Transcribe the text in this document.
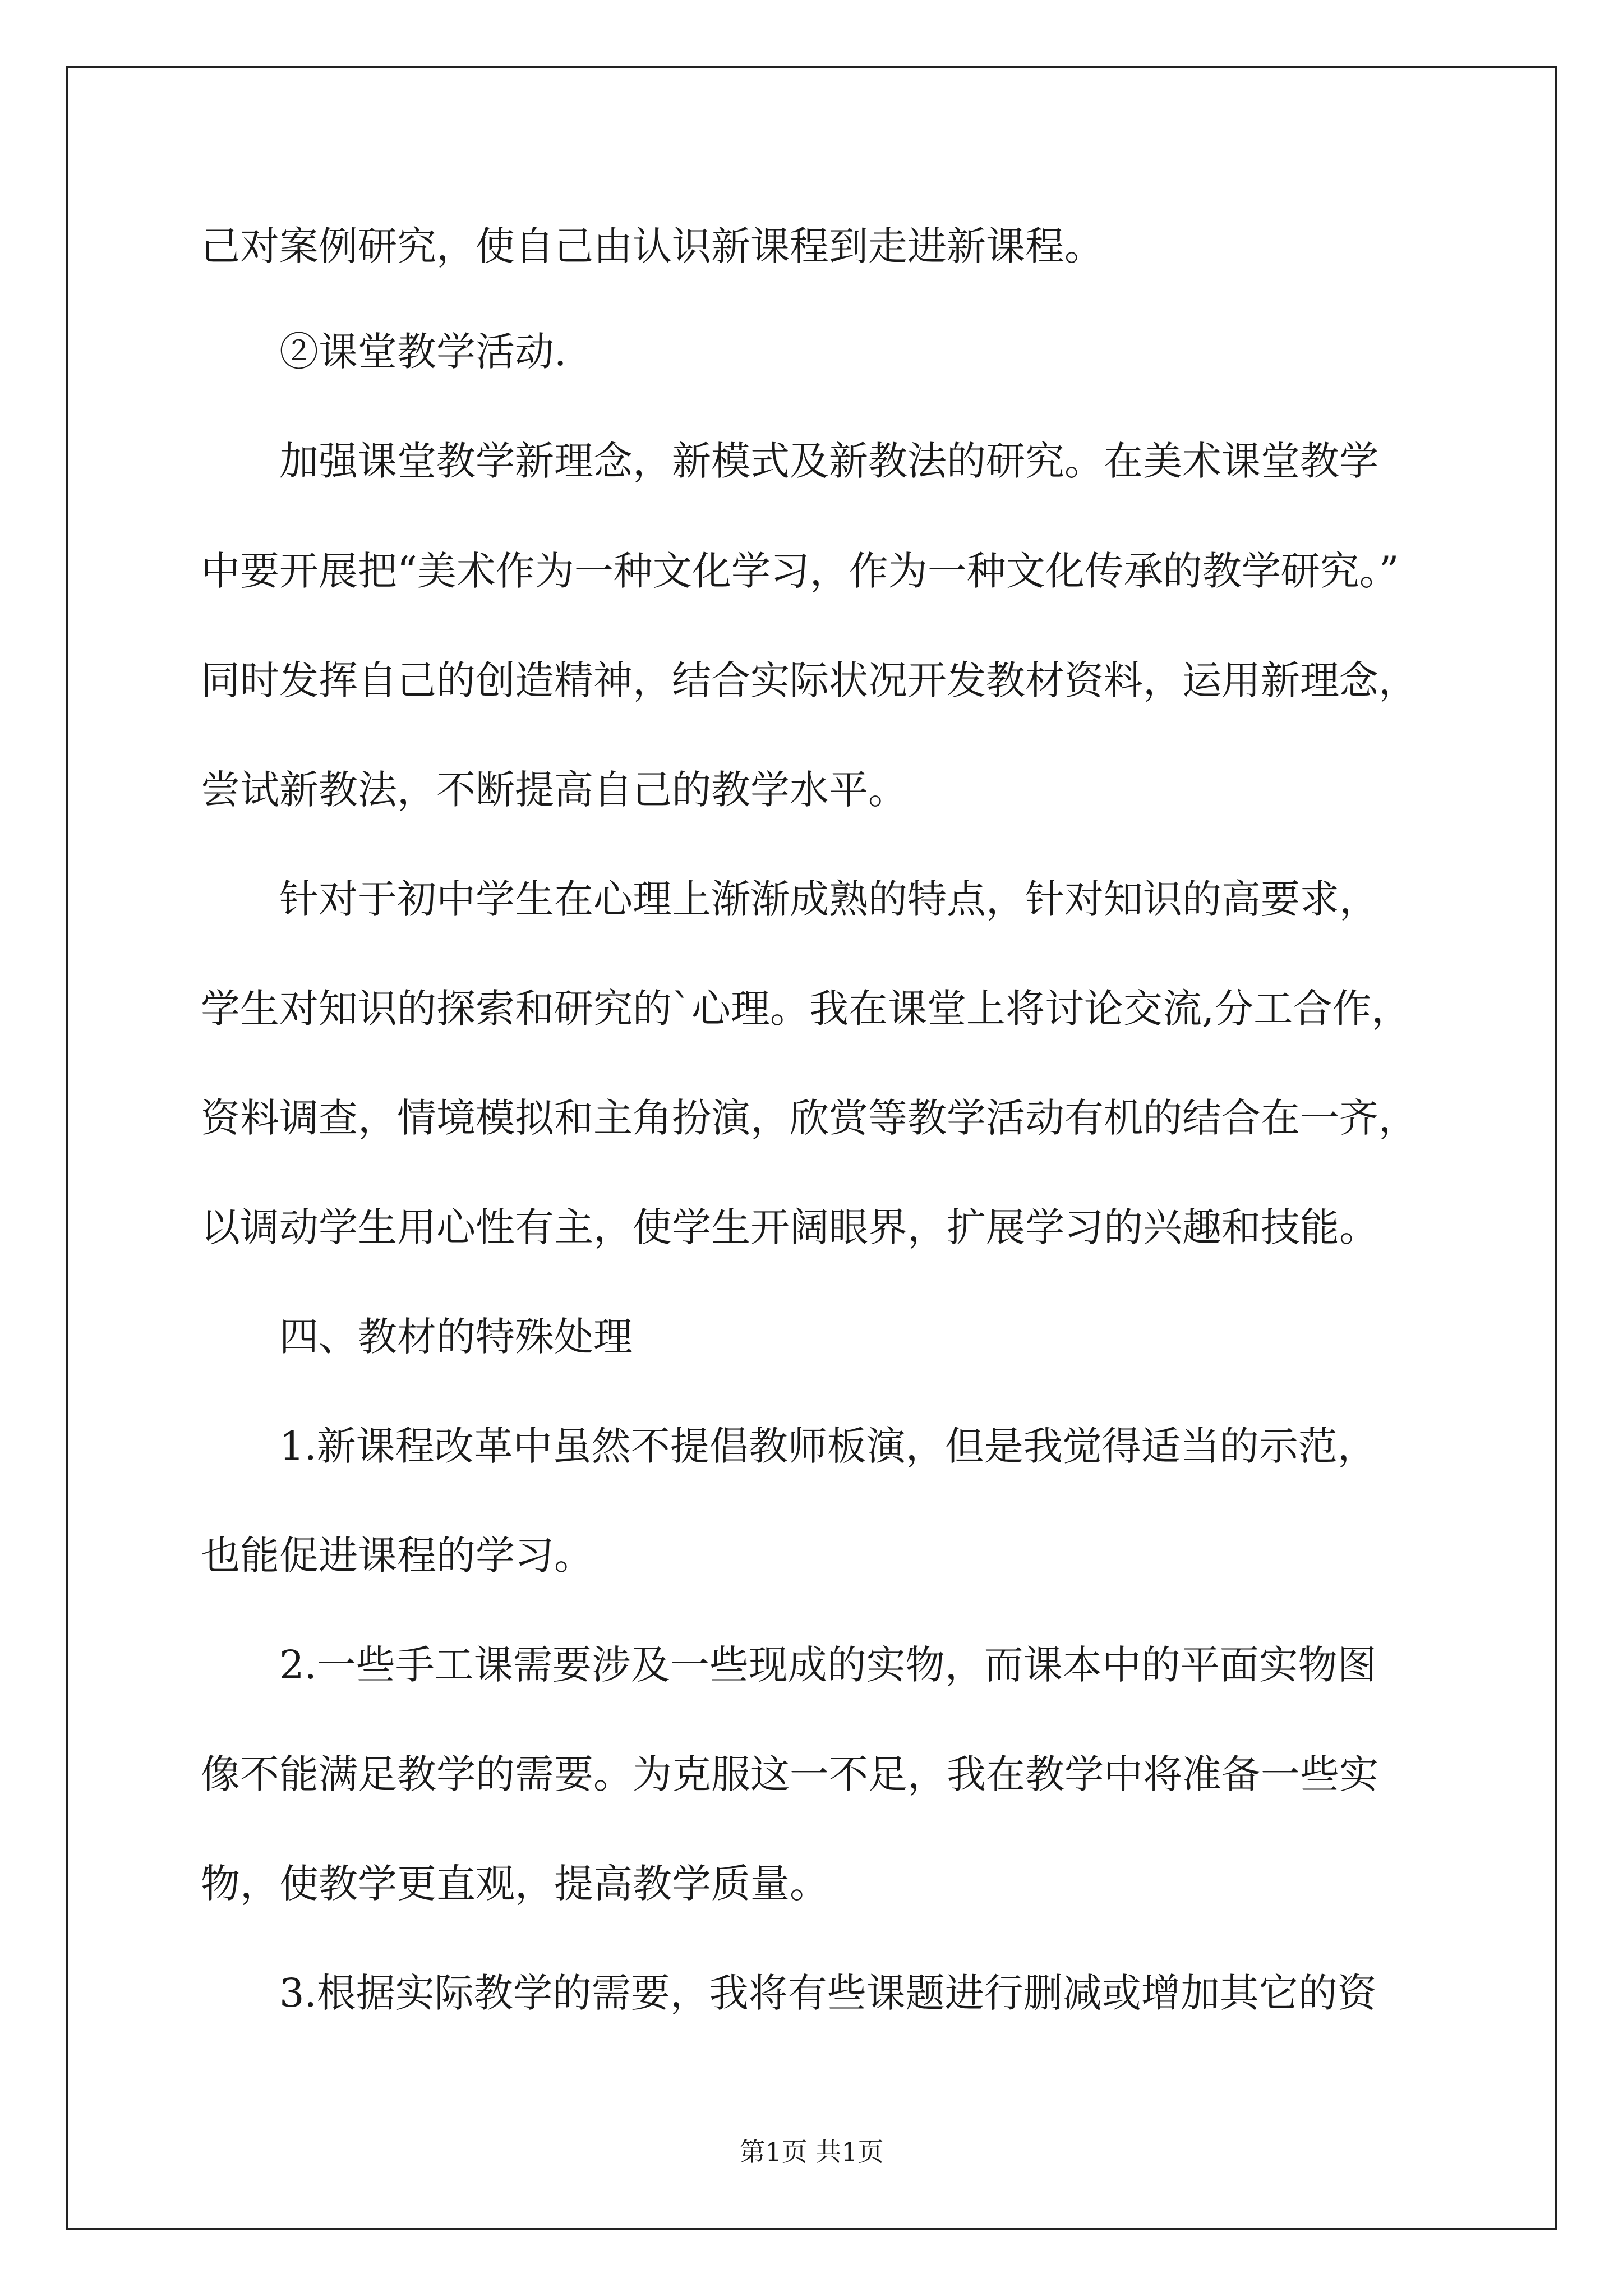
己对案例研究，使自己由认识新课程到走进新课程。
②课堂教学活动.
加强课堂教学新理念，新模式及新教法的研究。在美术课堂教学
中要开展把“美术作为一种文化学习，作为一种文化传承的教学研究。”
同时发挥自己的创造精神，结合实际状况开发教材资料，运用新理念，
尝试新教法，不断提高自己的教学水平。
针对于初中学生在心理上渐渐成熟的特点，针对知识的高要求，
学生对知识的探索和研究的`心理。我在课堂上将讨论交流,分工合作，
资料调查，情境模拟和主角扮演，欣赏等教学活动有机的结合在一齐，
以调动学生用心性有主，使学生开阔眼界，扩展学习的兴趣和技能。
四、教材的特殊处理
1.新课程改革中虽然不提倡教师板演，但是我觉得适当的示范，
也能促进课程的学习。
2.一些手工课需要涉及一些现成的实物，而课本中的平面实物图
像不能满足教学的需要。为克服这一不足，我在教学中将准备一些实
物，使教学更直观，提高教学质量。
3.根据实际教学的需要，我将有些课题进行删减或增加其它的资
第1页 共1页
